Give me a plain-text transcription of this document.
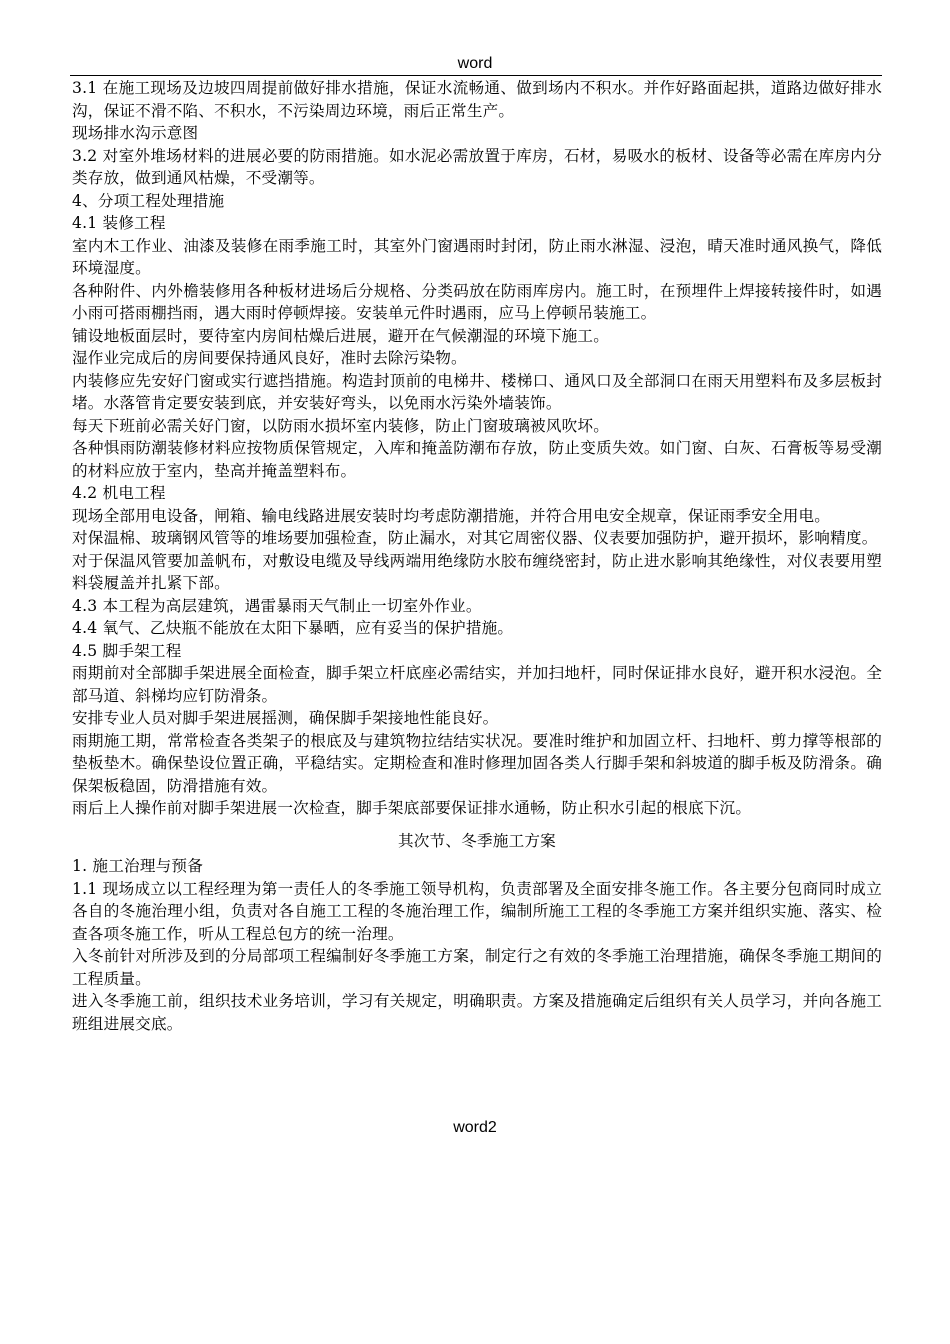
word

3.1 在施工现场及边坡四周提前做好排水措施，保证水流畅通、做到场内不积水。并作好路面起拱，道路边做好排水沟，保证不滑不陷、不积水，不污染周边环境，雨后正常生产。

现场排水沟示意图

3.2 对室外堆场材料的进展必要的防雨措施。如水泥必需放置于库房，石材，易吸水的板材、设备等必需在库房内分类存放，做到通风枯燥，不受潮等。

4、分项工程处理措施

4.1 装修工程

室内木工作业、油漆及装修在雨季施工时，其室外门窗遇雨时封闭，防止雨水淋湿、浸泡，晴天准时通风换气，降低环境湿度。

各种附件、内外檐装修用各种板材进场后分规格、分类码放在防雨库房内。施工时，在预埋件上焊接转接件时，如遇小雨可搭雨棚挡雨，遇大雨时停顿焊接。安装单元件时遇雨，应马上停顿吊装施工。

铺设地板面层时，要待室内房间枯燥后进展，避开在气候潮湿的环境下施工。

湿作业完成后的房间要保持通风良好，准时去除污染物。

内装修应先安好门窗或实行遮挡措施。构造封顶前的电梯井、楼梯口、通风口及全部洞口在雨天用塑料布及多层板封堵。水落管肯定要安装到底，并安装好弯头，以免雨水污染外墙装饰。

每天下班前必需关好门窗，以防雨水损坏室内装修，防止门窗玻璃被风吹坏。

各种惧雨防潮装修材料应按物质保管规定，入库和掩盖防潮布存放，防止变质失效。如门窗、白灰、石膏板等易受潮的材料应放于室内，垫高并掩盖塑料布。

4.2 机电工程

现场全部用电设备，闸箱、输电线路进展安装时均考虑防潮措施，并符合用电安全规章，保证雨季安全用电。

对保温棉、玻璃钢风管等的堆场要加强检查，防止漏水，对其它周密仪器、仪表要加强防护，避开损坏，影响精度。

对于保温风管要加盖帆布，对敷设电缆及导线两端用绝缘防水胶布缠绕密封，防止进水影响其绝缘性，对仪表要用塑料袋履盖并扎紧下部。

4.3 本工程为高层建筑，遇雷暴雨天气制止一切室外作业。

4.4 氧气、乙炔瓶不能放在太阳下暴晒，应有妥当的保护措施。

4.5 脚手架工程

雨期前对全部脚手架进展全面检查，脚手架立杆底座必需结实，并加扫地杆，同时保证排水良好，避开积水浸泡。全部马道、斜梯均应钉防滑条。

安排专业人员对脚手架进展摇测，确保脚手架接地性能良好。

雨期施工期，常常检查各类架子的根底及与建筑物拉结结实状况。要准时维护和加固立杆、扫地杆、剪力撑等根部的垫板垫木。确保垫设位置正确，平稳结实。定期检查和准时修理加固各类人行脚手架和斜坡道的脚手板及防滑条。确保架板稳固，防滑措施有效。

雨后上人操作前对脚手架进展一次检查，脚手架底部要保证排水通畅，防止积水引起的根底下沉。

其次节、冬季施工方案

1. 施工治理与预备

1.1 现场成立以工程经理为第一责任人的冬季施工领导机构，负责部署及全面安排冬施工作。各主要分包商同时成立各自的冬施治理小组，负责对各自施工工程的冬施治理工作，编制所施工工程的冬季施工方案并组织实施、落实、检查各项冬施工作，听从工程总包方的统一治理。

入冬前针对所涉及到的分局部项工程编制好冬季施工方案，制定行之有效的冬季施工治理措施，确保冬季施工期间的工程质量。

进入冬季施工前，组织技术业务培训，学习有关规定，明确职责。方案及措施确定后组织有关人员学习，并向各施工班组进展交底。

word2
